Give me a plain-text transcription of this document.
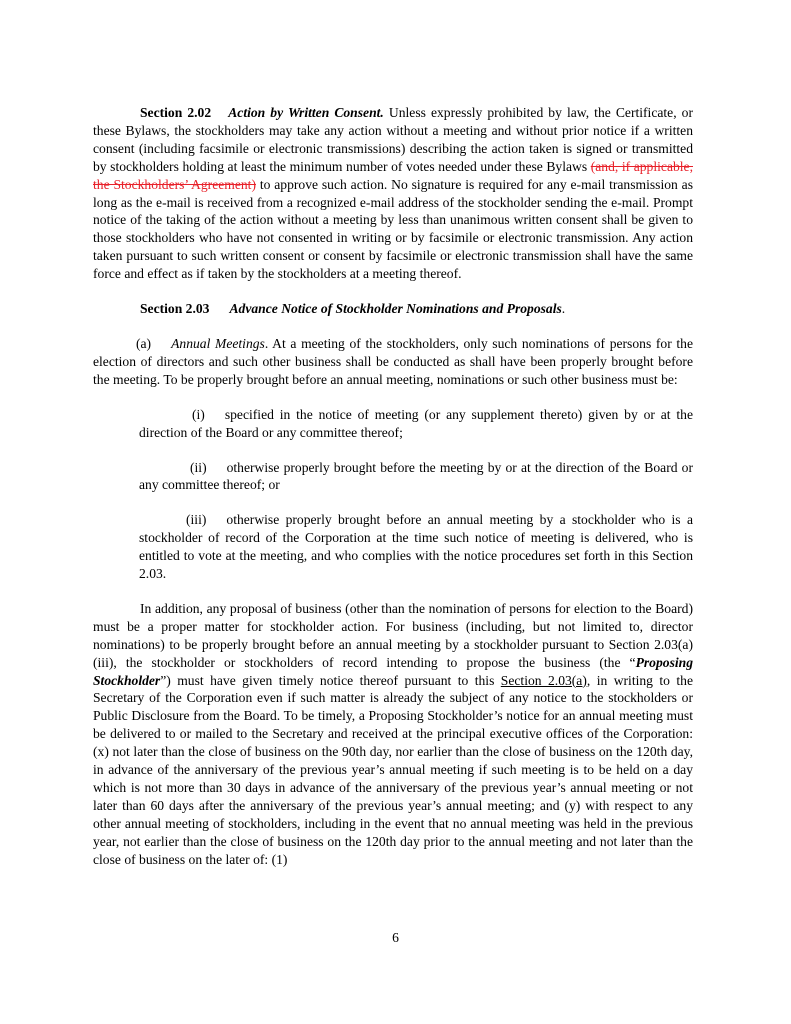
Section 2.02 Action by Written Consent. Unless expressly prohibited by law, the Certificate, or these Bylaws, the stockholders may take any action without a meeting and without prior notice if a written consent (including facsimile or electronic transmissions) describing the action taken is signed or transmitted by stockholders holding at least the minimum number of votes needed under these Bylaws (and, if applicable, the Stockholders’ Agreement) to approve such action. No signature is required for any e-mail transmission as long as the e-mail is received from a recognized e-mail address of the stockholder sending the e-mail. Prompt notice of the taking of the action without a meeting by less than unanimous written consent shall be given to those stockholders who have not consented in writing or by facsimile or electronic transmission. Any action taken pursuant to such written consent or consent by facsimile or electronic transmission shall have the same force and effect as if taken by the stockholders at a meeting thereof.

Section 2.03 Advance Notice of Stockholder Nominations and Proposals.

(a) Annual Meetings. At a meeting of the stockholders, only such nominations of persons for the election of directors and such other business shall be conducted as shall have been properly brought before the meeting. To be properly brought before an annual meeting, nominations or such other business must be:

(i) specified in the notice of meeting (or any supplement thereto) given by or at the direction of the Board or any committee thereof;

(ii) otherwise properly brought before the meeting by or at the direction of the Board or any committee thereof; or

(iii) otherwise properly brought before an annual meeting by a stockholder who is a stockholder of record of the Corporation at the time such notice of meeting is delivered, who is entitled to vote at the meeting, and who complies with the notice procedures set forth in this Section 2.03.

In addition, any proposal of business (other than the nomination of persons for election to the Board) must be a proper matter for stockholder action. For business (including, but not limited to, director nominations) to be properly brought before an annual meeting by a stockholder pursuant to Section 2.03(a)(iii), the stockholder or stockholders of record intending to propose the business (the “Proposing Stockholder”) must have given timely notice thereof pursuant to this Section 2.03(a), in writing to the Secretary of the Corporation even if such matter is already the subject of any notice to the stockholders or Public Disclosure from the Board. To be timely, a Proposing Stockholder’s notice for an annual meeting must be delivered to or mailed to the Secretary and received at the principal executive offices of the Corporation: (x) not later than the close of business on the 90th day, nor earlier than the close of business on the 120th day, in advance of the anniversary of the previous year’s annual meeting if such meeting is to be held on a day which is not more than 30 days in advance of the anniversary of the previous year’s annual meeting or not later than 60 days after the anniversary of the previous year’s annual meeting; and (y) with respect to any other annual meeting of stockholders, including in the event that no annual meeting was held in the previous year, not earlier than the close of business on the 120th day prior to the annual meeting and not later than the close of business on the later of: (1)

6
